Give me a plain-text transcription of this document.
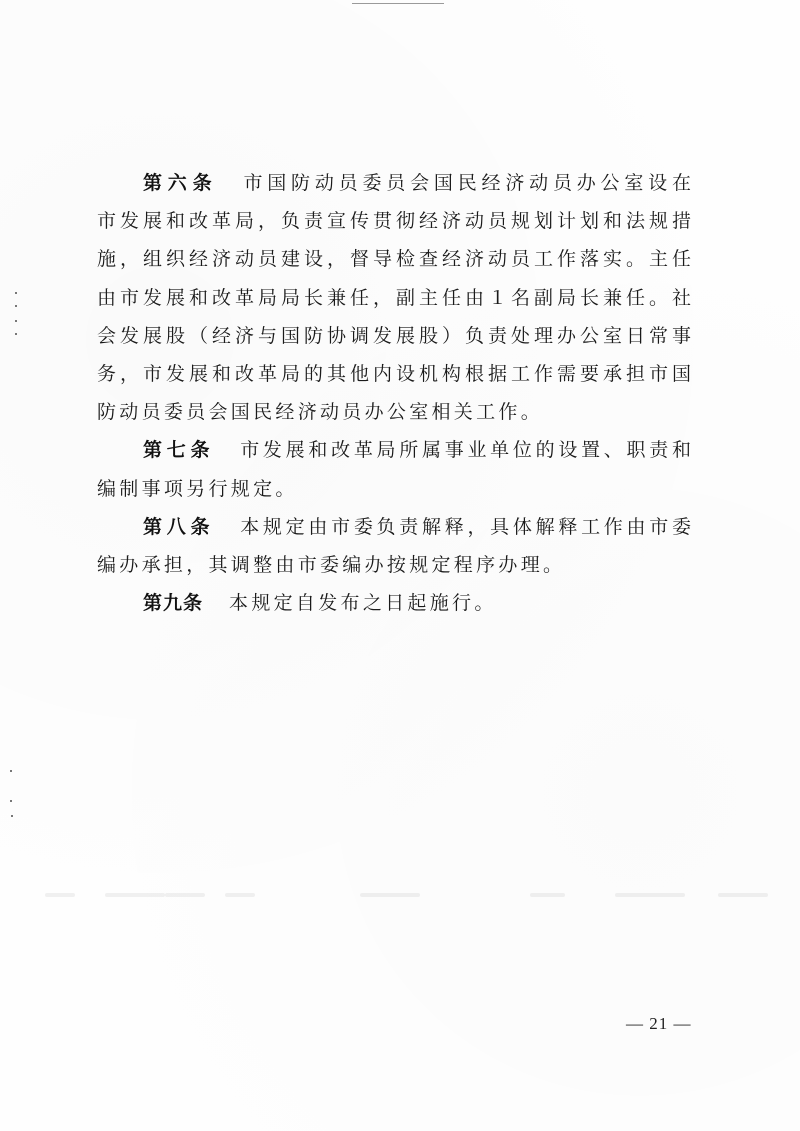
第六条 市国防动员委员会国民经济动员办公室设在
市发展和改革局，负责宣传贯彻经济动员规划计划和法规措
施，组织经济动员建设，督导检查经济动员工作落实。主任
由市发展和改革局局长兼任，副主任由１名副局长兼任。社
会发展股（经济与国防协调发展股）负责处理办公室日常事
务，市发展和改革局的其他内设机构根据工作需要承担市国
防动员委员会国民经济动员办公室相关工作。
第七条 市发展和改革局所属事业单位的设置、职责和
编制事项另行规定。
第八条 本规定由市委负责解释，具体解释工作由市委
编办承担，其调整由市委编办按规定程序办理。
第九条 本规定自发布之日起施行。
— 21 —
